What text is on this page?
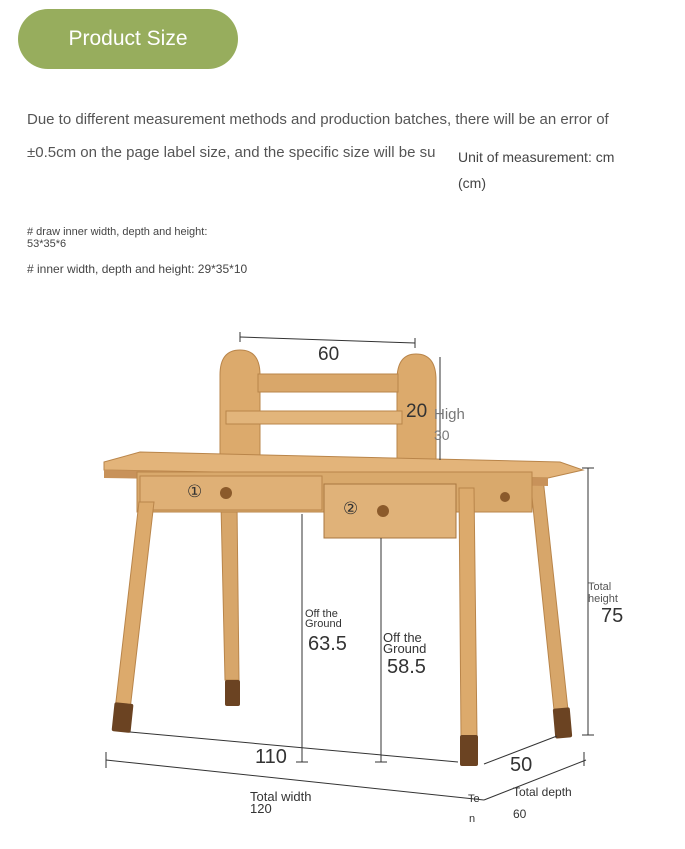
Product Size
Due to different measurement methods and production batches, there will be an error of
±0.5cm on the page label size, and the specific size will be su Unit of measurement: cm
(cm)
# draw inner width, depth and height:
53*35*6
# inner width, depth and height: 29*35*10
60
20 High
30
①
②
Off the
Ground
63.5	Off the
Ground
58.5
Total
height
75
110
Total width
120
50
Total depth
60
Te
n
